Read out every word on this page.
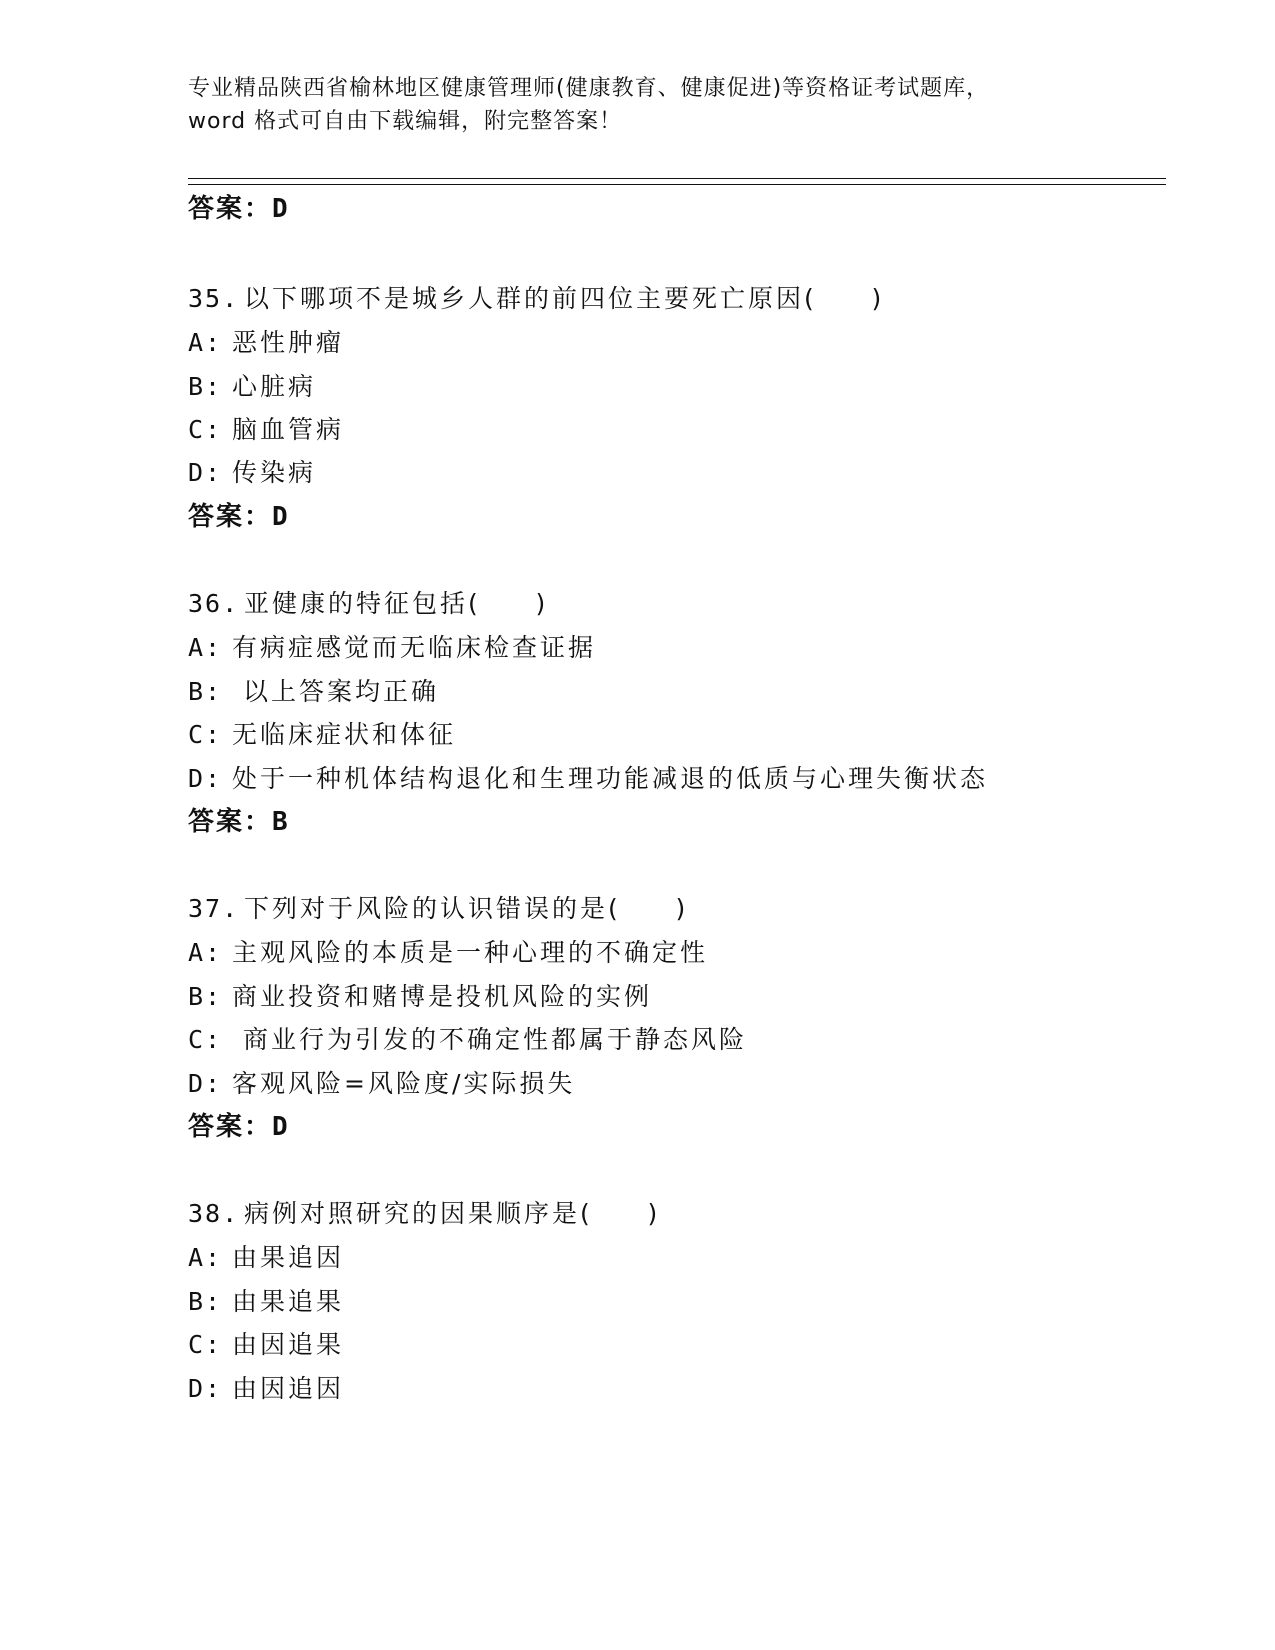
专业精品陕西省榆林地区健康管理师(健康教育、健康促进)等资格证考试题库，
word 格式可自由下载编辑，附完整答案！
答案：D
35. 以下哪项不是城乡人群的前四位主要死亡原因(     )
A: 恶性肿瘤
B: 心脏病
C: 脑血管病
D: 传染病
答案：D
36. 亚健康的特征包括(     )
A: 有病症感觉而无临床检查证据
B: 以上答案均正确
C: 无临床症状和体征
D: 处于一种机体结构退化和生理功能减退的低质与心理失衡状态
答案：B
37. 下列对于风险的认识错误的是(     )
A: 主观风险的本质是一种心理的不确定性
B: 商业投资和赌博是投机风险的实例
C: 商业行为引发的不确定性都属于静态风险
D: 客观风险=风险度/实际损失
答案：D
38. 病例对照研究的因果顺序是(     )
A: 由果追因
B: 由果追果
C: 由因追果
D: 由因追因
